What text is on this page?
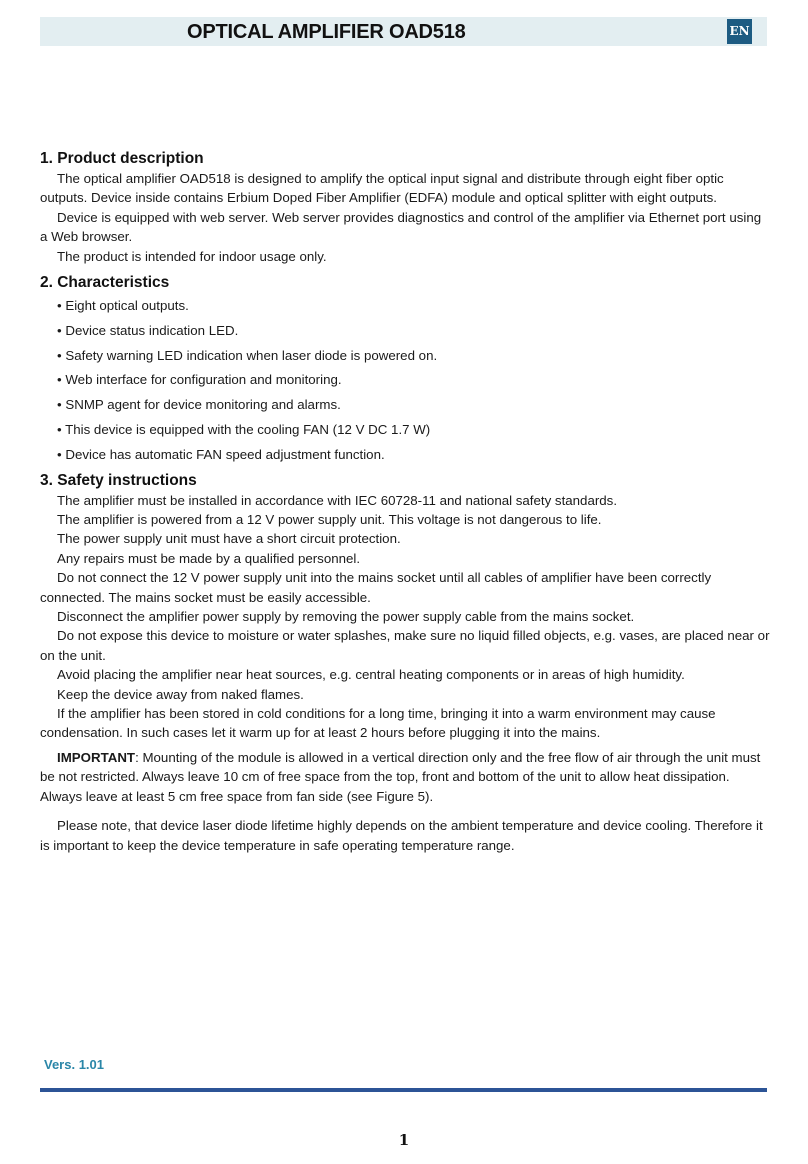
OPTICAL AMPLIFIER OAD518	EN
1. Product description

The optical amplifier OAD518 is designed to amplify the optical input signal and distribute through eight fiber optic outputs. Device inside contains Erbium Doped Fiber Amplifier (EDFA) module and optical splitter with eight outputs.

Device is equipped with web server. Web server provides diagnostics and control of the amplifier via Ethernet port using a Web browser.

The product is intended for indoor usage only.

2. Characteristics
• Eight optical outputs.
• Device status indication LED.
• Safety warning LED indication when laser diode is powered on.
• Web interface for configuration and monitoring.
• SNMP agent for device monitoring and alarms.
• This device is equipped with the cooling FAN (12 V DC 1.7 W)
• Device has automatic FAN speed adjustment function.
3. Safety instructions

The amplifier must be installed in accordance with IEC 60728-11 and national safety standards.

The amplifier is powered from a 12 V power supply unit. This voltage is not dangerous to life.

The power supply unit must have a short circuit protection.

Any repairs must be made by a qualified personnel.

Do not connect the 12 V power supply unit into the mains socket until all cables of amplifier have been correctly connected. The mains socket must be easily accessible.

Disconnect the amplifier power supply by removing the power supply cable from the mains socket.

Do not expose this device to moisture or water splashes, make sure no liquid filled objects, e.g. vases, are placed near or on the unit.

Avoid placing the amplifier near heat sources, e.g. central heating components or in areas of high humidity.

Keep the device away from naked flames.

If the amplifier has been stored in cold conditions for a long time, bringing it into a warm environment may cause condensation. In such cases let it warm up for at least 2 hours before plugging it into the mains.

IMPORTANT: Mounting of the module is allowed in a vertical direction only and the free flow of air through the unit must be not restricted. Always leave 10 cm of free space from the top, front and bottom of the unit to allow heat dissipation. Always leave at least 5 cm free space from fan side (see Figure 5).

Please note, that device laser diode lifetime highly depends on the ambient temperature and device cooling. Therefore it is important to keep the device temperature in safe operating temperature range.

Vers. 1.01
1
